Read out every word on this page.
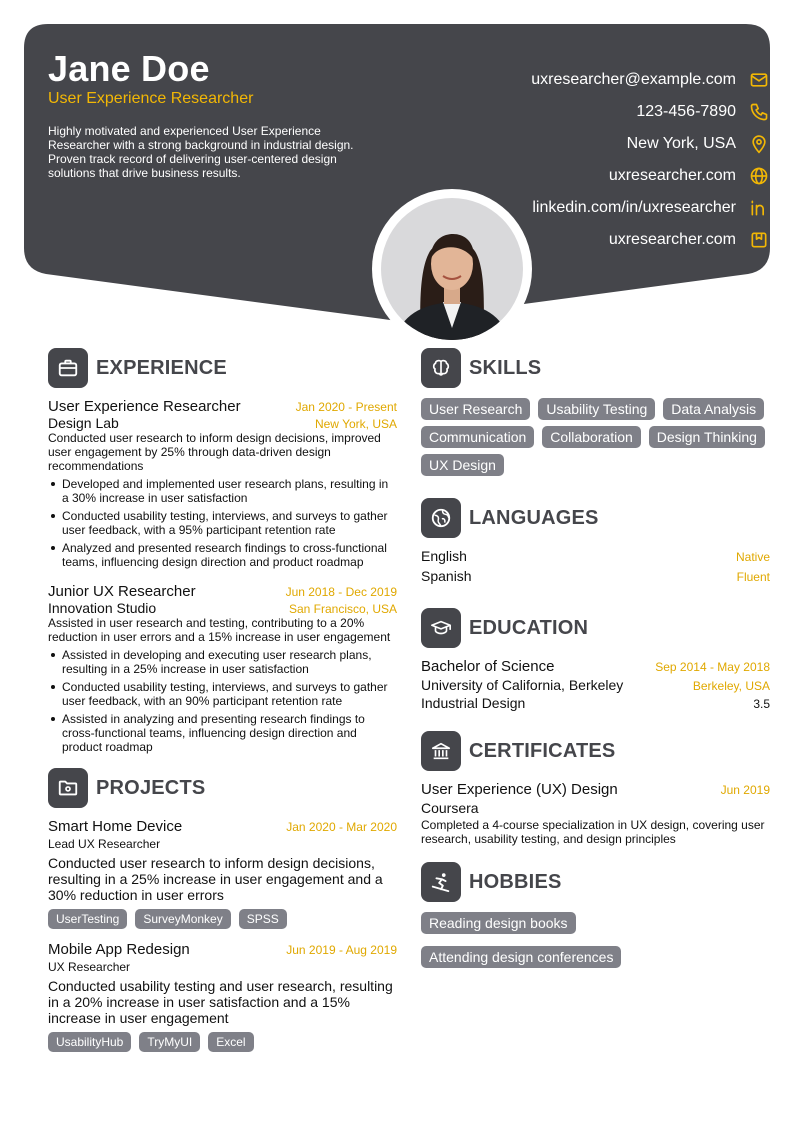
Jane Doe
User Experience Researcher
Highly motivated and experienced User Experience Researcher with a strong background in industrial design. Proven track record of delivering user-centered design solutions that drive business results.
uxresearcher@example.com
123-456-7890
New York, USA
uxresearcher.com
linkedin.com/in/uxresearcher
uxresearcher.com
EXPERIENCE
User Experience Researcher	Jan 2020 - Present
Design Lab	New York, USA
Conducted user research to inform design decisions, improved user engagement by 25% through data-driven design recommendations
Developed and implemented user research plans, resulting in a 30% increase in user satisfaction
Conducted usability testing, interviews, and surveys to gather user feedback, with a 95% participant retention rate
Analyzed and presented research findings to cross-functional teams, influencing design direction and product roadmap
Junior UX Researcher	Jun 2018 - Dec 2019
Innovation Studio	San Francisco, USA
Assisted in user research and testing, contributing to a 20% reduction in user errors and a 15% increase in user engagement
Assisted in developing and executing user research plans, resulting in a 25% increase in user satisfaction
Conducted usability testing, interviews, and surveys to gather user feedback, with an 90% participant retention rate
Assisted in analyzing and presenting research findings to cross-functional teams, influencing design direction and product roadmap
PROJECTS
Smart Home Device	Jan 2020 - Mar 2020
Lead UX Researcher
Conducted user research to inform design decisions, resulting in a 25% increase in user engagement and a 30% reduction in user errors
UserTesting	SurveyMonkey	SPSS
Mobile App Redesign	Jun 2019 - Aug 2019
UX Researcher
Conducted usability testing and user research, resulting in a 20% increase in user satisfaction and a 15% increase in user engagement
UsabilityHub	TryMyUI	Excel
SKILLS
User Research	Usability Testing	Data Analysis
Communication	Collaboration	Design Thinking
UX Design
LANGUAGES
English	Native
Spanish	Fluent
EDUCATION
Bachelor of Science	Sep 2014 - May 2018
University of California, Berkeley	Berkeley, USA
Industrial Design	3.5
CERTIFICATES
User Experience (UX) Design	Jun 2019
Coursera
Completed a 4-course specialization in UX design, covering user research, usability testing, and design principles
HOBBIES
Reading design books
Attending design conferences
